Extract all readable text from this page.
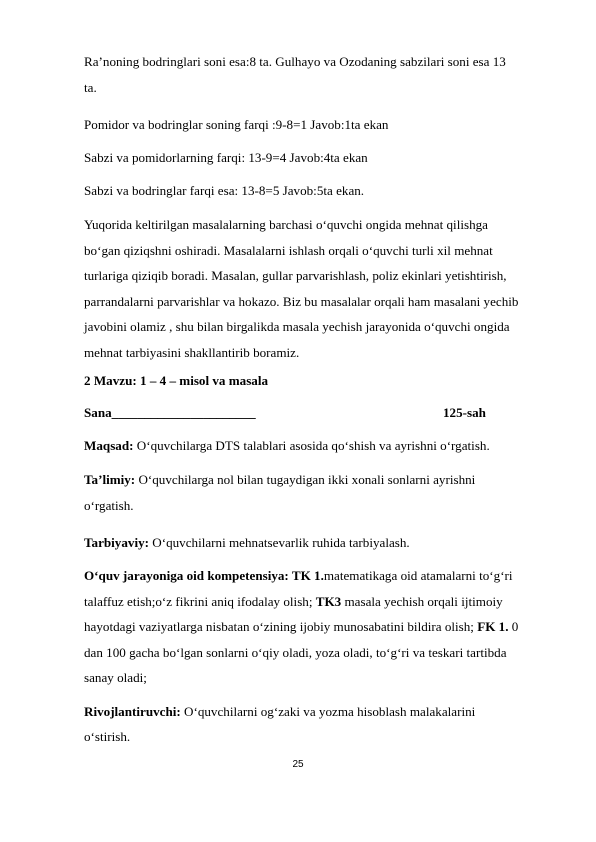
Ra’noning bodringlari soni esa:8 ta. Gulhayo va Ozodaning sabzilari soni esa 13
ta.
Pomidor va bodringlar soning farqi :9-8=1 Javob:1ta ekan
Sabzi va pomidorlarning farqi: 13-9=4 Javob:4ta ekan
Sabzi va bodringlar farqi esa: 13-8=5 Javob:5ta ekan.
Yuqorida keltirilgan masalalarning barchasi o‘quvchi ongida mehnat qilishga
bo‘gan qiziqshni oshiradi. Masalalarni ishlash orqali o‘quvchi turli xil mehnat
turlariga qiziqib boradi. Masalan, gullar parvarishlash, poliz ekinlari yetishtirish,
parrandalarni parvarishlar va hokazo. Biz bu masalalar orqali ham masalani yechib
javobini olamiz , shu bilan birgalikda masala yechish jarayonida o‘quvchi ongida
mehnat tarbiyasini shakllantirib boramiz.
2 Mavzu: 1 – 4 – misol va masala
Sana______________________	125-sah
Maqsad: O‘quvchilarga DTS talablari asosida qo‘shish va ayrishni o‘rgatish.
Ta’limiy: O‘quvchilarga nol bilan tugaydigan ikki xonali sonlarni ayrishni
o‘rgatish.
Tarbiyaviy: O‘quvchilarni mehnatsevarlik ruhida tarbiyalash.
O‘quv jarayoniga oid kompetensiya: TK 1.matematikaga oid atamalarni to‘g‘ri
talaffuz etish;o‘z fikrini aniq ifodalay olish; TK3 masala yechish orqali ijtimoiy
hayotdagi vaziyatlarga nisbatan o‘zining ijobiy munosabatini bildira olish; FK 1. 0
dan 100 gacha bo‘lgan sonlarni o‘qiy oladi, yoza oladi, to‘g‘ri va teskari tartibda
sanay oladi;
Rivojlantiruvchi: O‘quvchilarni og‘zaki va yozma hisoblash malakalarini
o‘stirish.
25
